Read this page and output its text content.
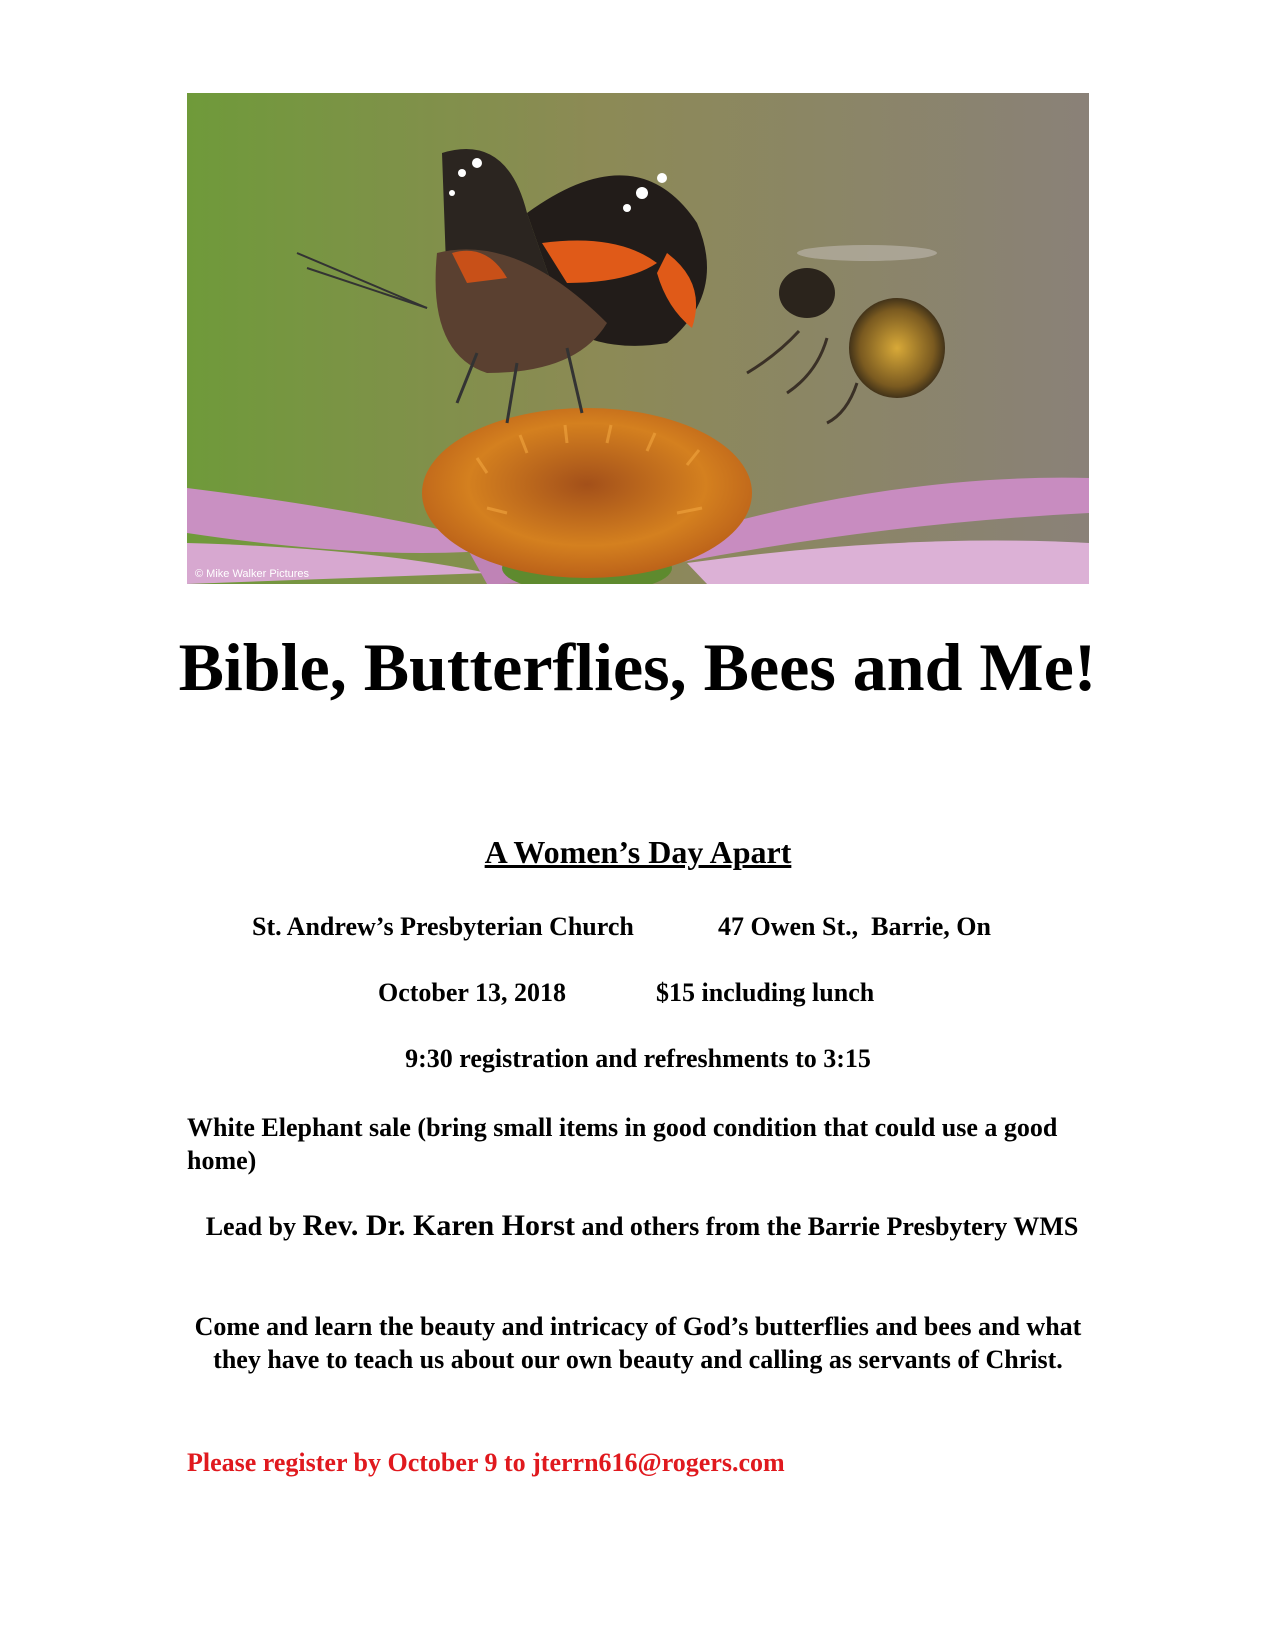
© Mike Walker Pictures
Bible, Butterflies, Bees and Me!
A Women’s Day Apart
St. Andrew’s Presbyterian Church	47 Owen St.,  Barrie, On
October 13, 2018	$15 including lunch
9:30 registration and refreshments to 3:15
White Elephant sale (bring small items in good condition that could use a good home)
Lead by Rev. Dr. Karen Horst and others from the Barrie Presbytery WMS
Come and learn the beauty and intricacy of God’s butterflies and bees and what they have to teach us about our own beauty and calling as servants of Christ.
Please register by October 9 to jterrn616@rogers.com
